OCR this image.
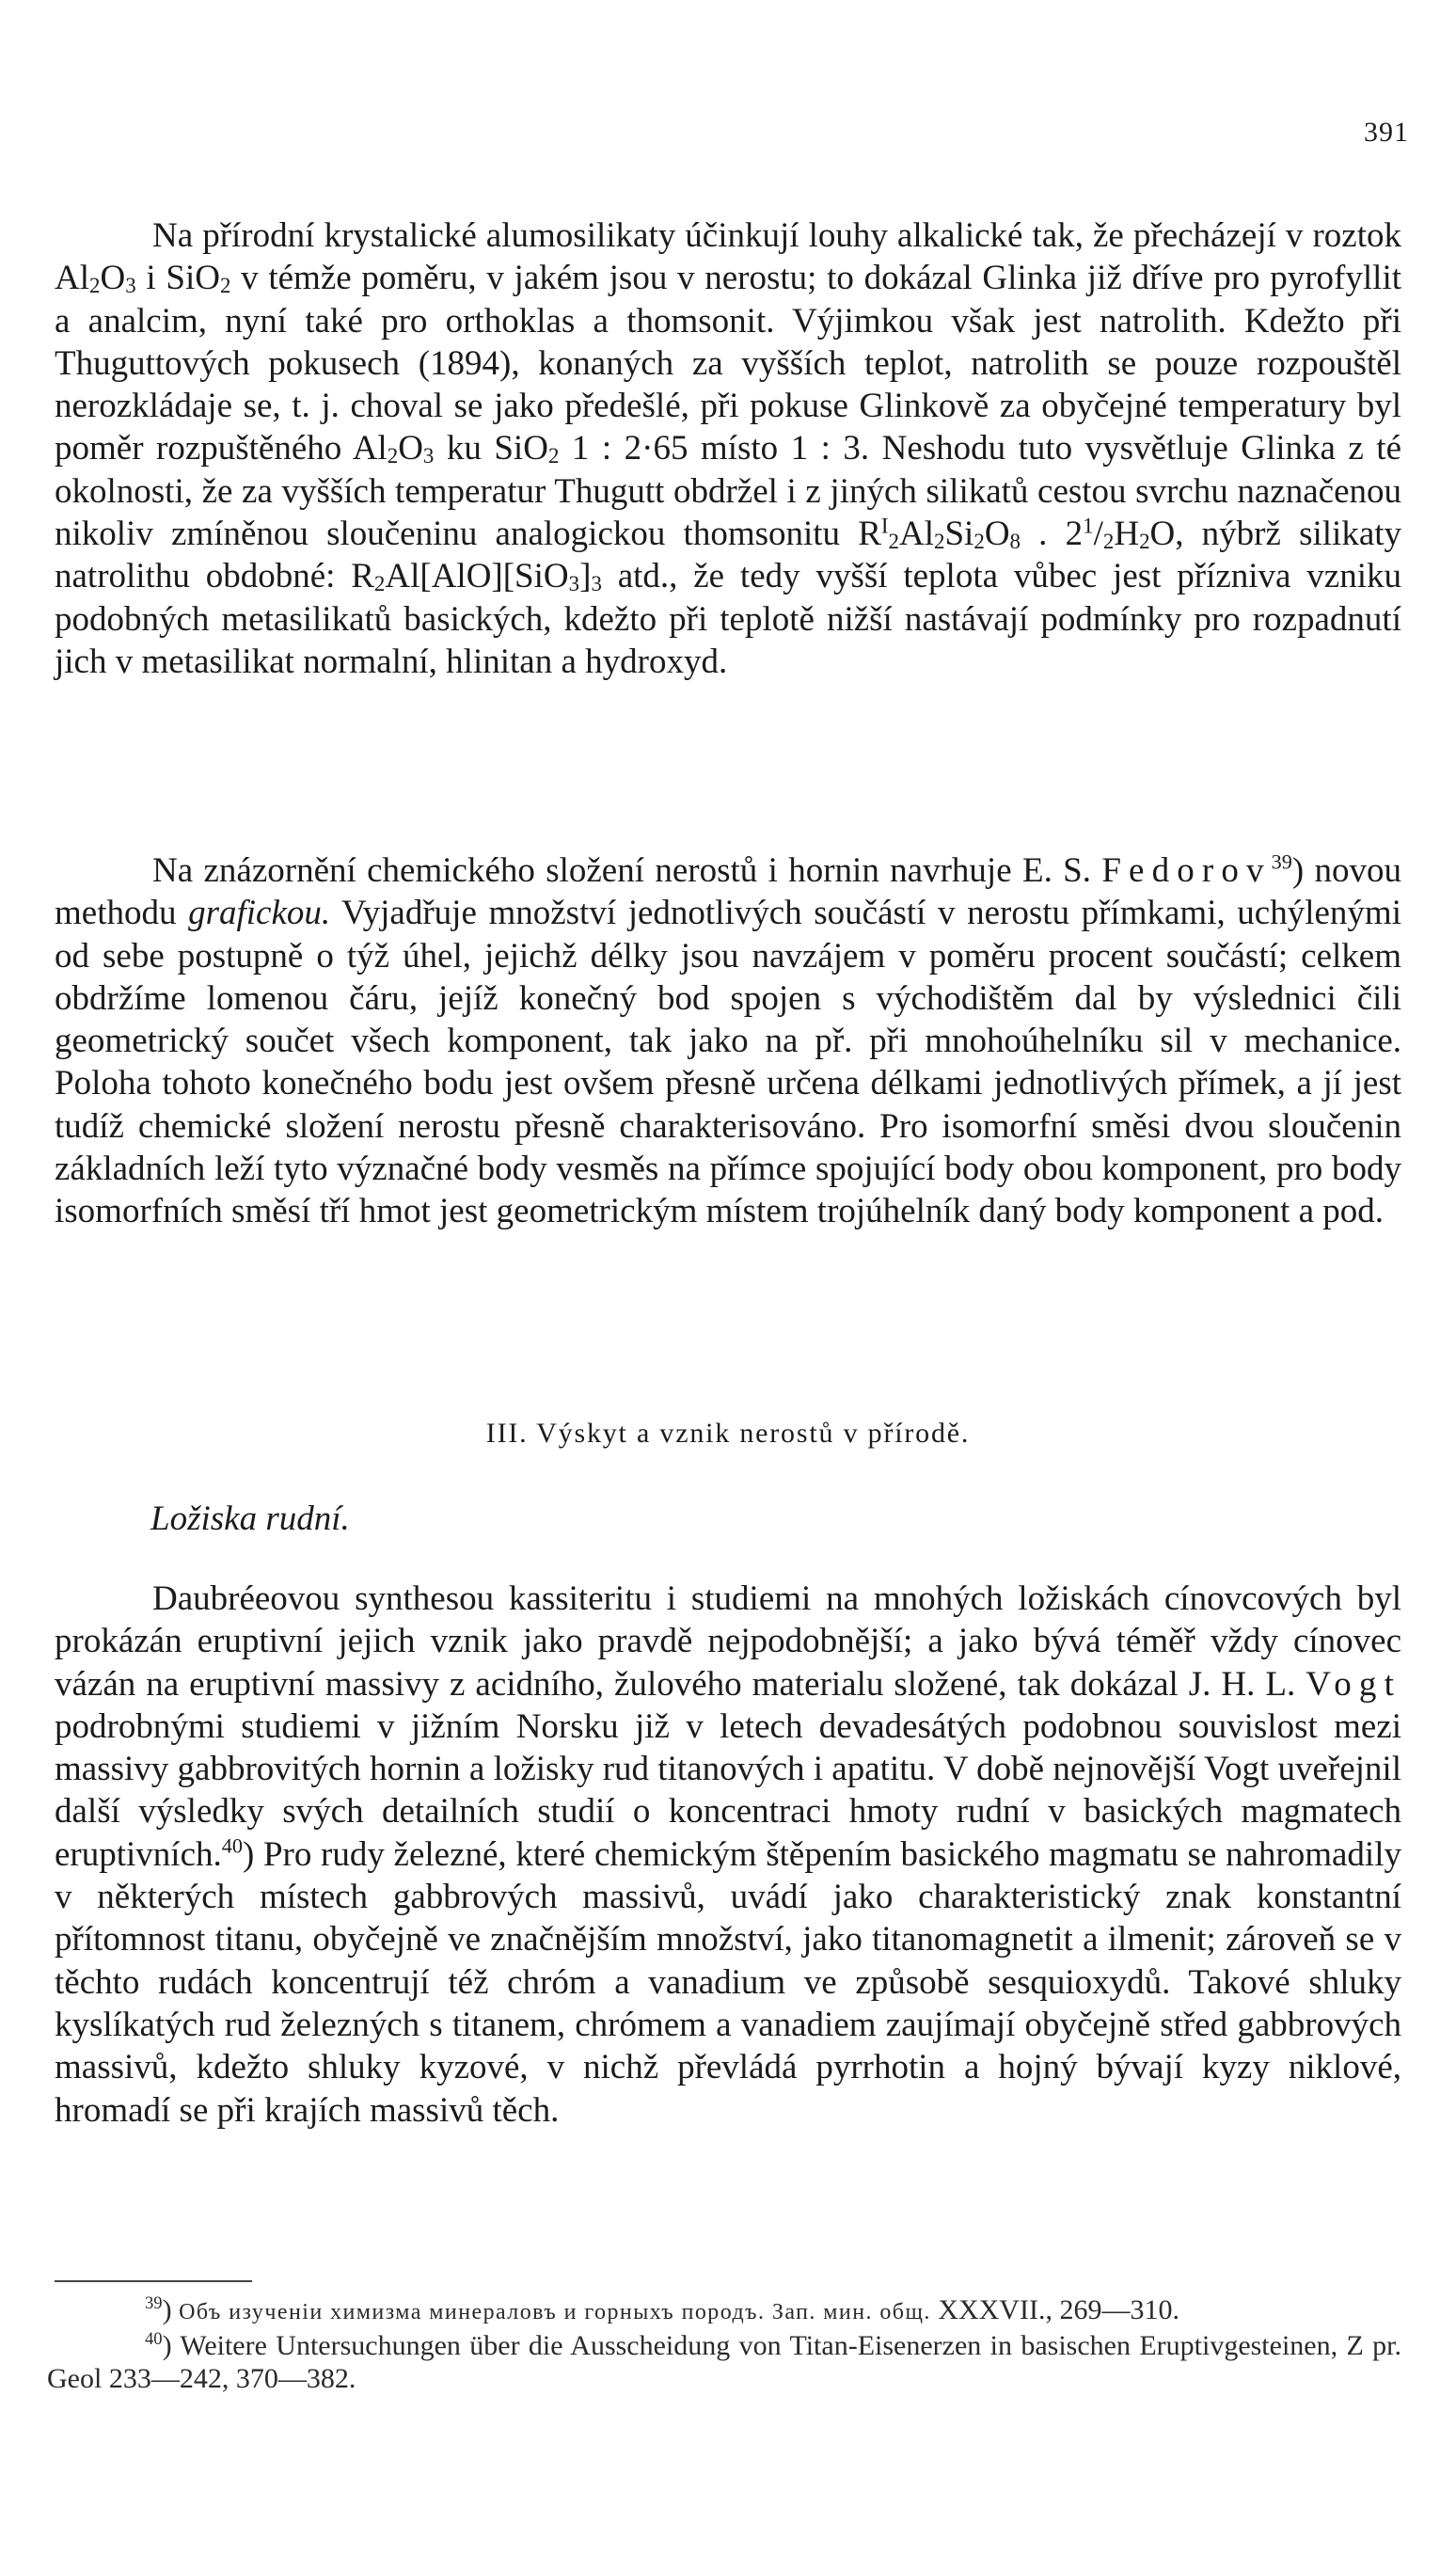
391

Na přírodní krystalické alumosilikaty účinkují louhy alkalické tak, že přecházejí v roztok $Al_2O_3$ i SiO$_2$ v témže poměru, v jakém jsou v nerostu; to dokázal Glinka již dříve pro pyrofyllit a analcim, nyní také pro orthoklas a thomsonit. Výjimkou však jest natrolith. Kdežto při Thuguttových pokusech (1894), konaných za vyšších teplot, natrolith se pouze rozpouštěl nerozkládaje se, t. j. choval se jako předešlé, při pokuse Glinkově za obyčejné temperatury byl poměr rozpuštěného $Al_2O_3$ ku SiO$_2$ 1 : 2·65 místo 1 : 3. Neshodu tuto vysvětluje Glinka z té okolnosti, že za vyšších temperatur Thugutt obdržel i z jiných silikatů cestou svrchu naznačenou nikoliv zmíněnou sloučeninu analogickou thomsonitu $R^I_2Al_2Si_2O_8$ . $2^1/_2H_2O$, nýbrž silikaty natrolithu obdobné: $R_2Al[AlO][SiO_3]_3$ atd., že tedy vyšší teplota vůbec jest přízniva vzniku podobných metasilikatů basických, kdežto při teplotě nižší nastávají podmínky pro rozpadnutí jich v metasilikat normalní, hlinitan a hydroxyd.

Na znázornění chemického složení nerostů i hornin navrhuje E. S. Fedorov$^{39}$) novou methodu grafickou. Vyjadřuje množství jednotlivých součástí v nerostu přímkami, uchýlenými od sebe postupně o týž úhel, jejichž délky jsou navzájem v poměru procent součástí; celkem obdržíme lomenou čáru, jejíž konečný bod spojen s východištěm dal by výslednici čili geometrický součet všech komponent, tak jako na př. při mnohoúhelníku sil v mechanice. Poloha tohoto konečného bodu jest ovšem přesně určena délkami jednotlivých přímek, a jí jest tudíž chemické složení nerostu přesně charakterisováno. Pro isomorfní směsi dvou sloučenin základních leží tyto význačné body vesměs na přímce spojující body obou komponent, pro body isomorfních směsí tří hmot jest geometrickým místem trojúhelník daný body komponent a pod.

III. Výskyt a vznik nerostů v přírodě.
Ložiska rudní.

Daubréeovou synthesou kassiteritu i studiemi na mnohých ložiskách cínovcových byl prokázán eruptivní jejich vznik jako pravdě nejpodobnější; a jako bývá téměř vždy cínovec vázán na eruptivní massivy z acidního, žulového materialu složené, tak dokázal J. H. L. Vogt podrobnými studiemi v jižním Norsku již v letech devadesátých podobnou souvislost mezi massivy gabbrovitých hornin a ložisky rud titanových i apatitu. V době nejnovější Vogt uveřejnil další výsledky svých detailních studií o koncentraci hmoty rudní v basických magmatech eruptivních.$^{40}$) Pro rudy železné, které chemickým štěpením basického magmatu se nahromadily v některých místech gabbrových massivů, uvádí jako charakteristický znak konstantní přítomnost titanu, obyčejně ve značnějším množství, jako titanomagnetit a ilmenit; zároveň se v těchto rudách koncentrují též chróm a vanadium ve způsobě sesquioxydů. Takové shluky kyslíkatých rud železných s titanem, chrómem a vanadiem zaujímají obyčejně střed gabbrových massivů, kdežto shluky kyzové, v nichž převládá pyrrhotin a hojný bývají kyzy niklové, hromadí se při krajích massivů těch.

$^{39}$) Объ изученіи химизма минераловъ и горныхъ породъ. Зап. мин. общ. XXXVII., 269—310.

$^{40}$) Weitere Untersuchungen über die Ausscheidung von Titan-Eisenerzen in basischen Eruptivgesteinen, Z pr. Geol 233—242, 370—382.
